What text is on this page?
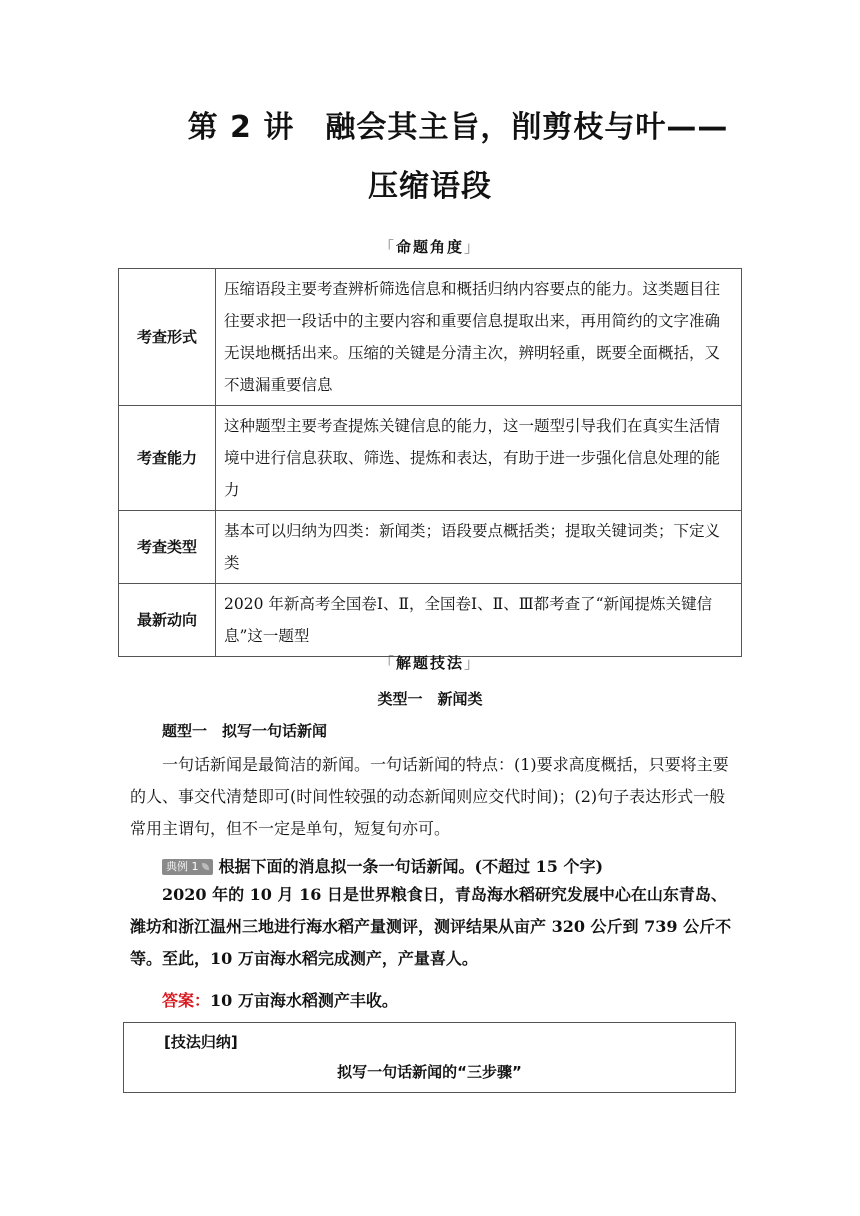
第 2 讲　融会其主旨，削剪枝与叶——
压缩语段
「命题角度」
考查形式	压缩语段主要考查辨析筛选信息和概括归纳内容要点的能力。这类题目往往要求把一段话中的主要内容和重要信息提取出来，再用简约的文字准确无误地概括出来。压缩的关键是分清主次，辨明轻重，既要全面概括，又不遗漏重要信息
考查能力	这种题型主要考查提炼关键信息的能力，这一题型引导我们在真实生活情境中进行信息获取、筛选、提炼和表达，有助于进一步强化信息处理的能力
考查类型	基本可以归纳为四类：新闻类；语段要点概括类；提取关键词类；下定义类
最新动向	2020 年新高考全国卷Ⅰ、Ⅱ，全国卷Ⅰ、Ⅱ、Ⅲ都考查了“新闻提炼关键信息”这一题型
「解题技法」
类型一　新闻类
题型一　拟写一句话新闻
一句话新闻是最简洁的新闻。一句话新闻的特点：(1)要求高度概括，只要将主要的人、事交代清楚即可(时间性较强的动态新闻则应交代时间)；(2)句子表达形式一般常用主谓句，但不一定是单句，短复句亦可。
典例 1 根据下面的消息拟一条一句话新闻。(不超过 15 个字)
2020 年的 10 月 16 日是世界粮食日，青岛海水稻研究发展中心在山东青岛、潍坊和浙江温州三地进行海水稻产量测评，测评结果从亩产 320 公斤到 739 公斤不等。至此，10 万亩海水稻完成测产，产量喜人。
答案：10 万亩海水稻测产丰收。
[技法归纳]
拟写一句话新闻的“三步骤”
